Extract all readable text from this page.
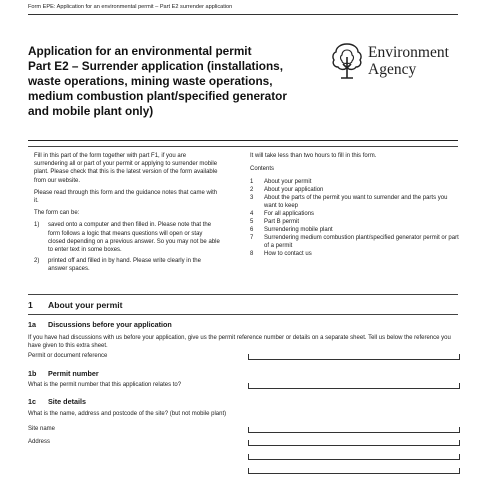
Form EPE: Application for an environmental permit – Part E2 surrender application
Application for an environmental permit
Part E2 – Surrender application (installations,
waste operations, mining waste operations,
medium combustion plant/specified generator
and mobile plant only)
Environment
Agency

Fill in this part of the form together with part F1, if you are surrendering all or part of your permit or applying to surrender mobile plant. Please check that this is the latest version of the form available from our website.

Please read through this form and the guidance notes that came with it.

The form can be:

1)	saved onto a computer and then filled in. Please note that the form follows a logic that means questions will open or stay closed depending on a previous answer. So you may not be able to enter text in some boxes.
2)	printed off and filled in by hand. Please write clearly in the answer spaces.

It will take less than two hours to fill in this form.

Contents

1	About your permit
2	About your application
3	About the parts of the permit you want to surrender and the parts you want to keep
4	For all applications
5	Part B permit
6	Surrendering mobile plant
7	Surrendering medium combustion plant/specified generator permit or part of a permit
8	How to contact us
1 About your permit
1a Discussions before your application
If you have had discussions with us before your application, give us the permit reference number or details on a separate sheet. Tell us below the reference you have given to this extra sheet.
Permit or document reference
1b Permit number
What is the permit number that this application relates to?
1c Site details
What is the name, address and postcode of the site? (but not mobile plant)
Site name
Address
